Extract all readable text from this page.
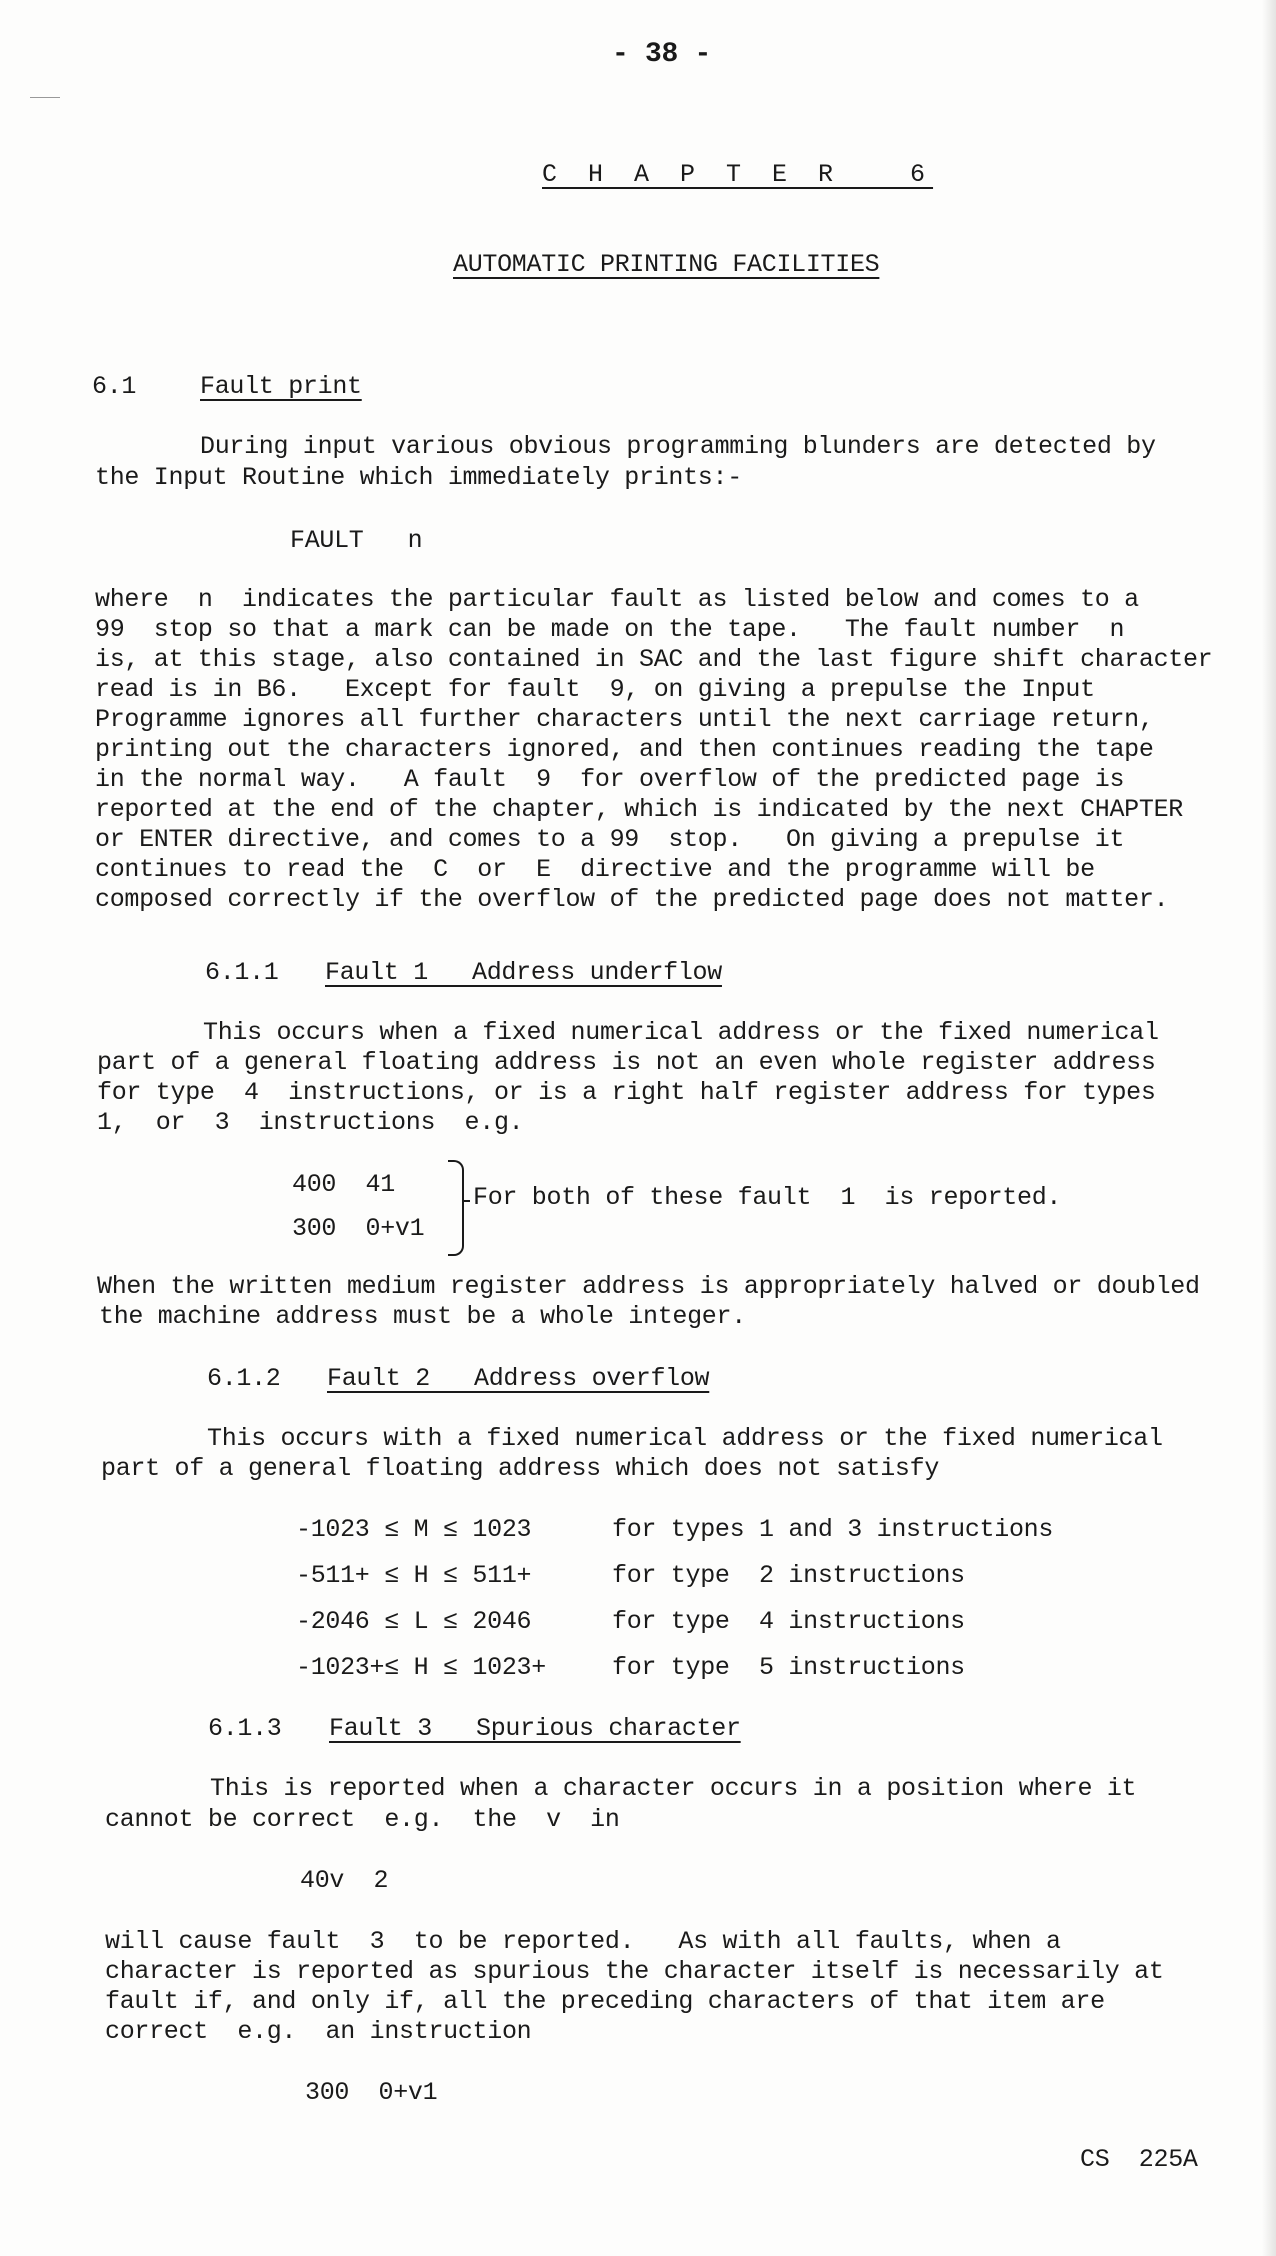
- 38 -
C H A P T E R   6
AUTOMATIC PRINTING FACILITIES
6.1	Fault print
During input various obvious programming blunders are detected by
the Input Routine which immediately prints:-
FAULT   n
where  n  indicates the particular fault as listed below and comes to a
99  stop so that a mark can be made on the tape.   The fault number  n
is, at this stage, also contained in SAC and the last figure shift character
read is in B6.   Except for fault  9, on giving a prepulse the Input
Programme ignores all further characters until the next carriage return,
printing out the characters ignored, and then continues reading the tape
in the normal way.   A fault  9  for overflow of the predicted page is
reported at the end of the chapter, which is indicated by the next CHAPTER
or ENTER directive, and comes to a 99  stop.   On giving a prepulse it
continues to read the  C  or  E  directive and the programme will be
composed correctly if the overflow of the predicted page does not matter.
6.1.1 Fault 1   Address underflow
This occurs when a fixed numerical address or the fixed numerical
part of a general floating address is not an even whole register address
for type  4  instructions, or is a right half register address for types
1,  or  3  instructions  e.g.
400  41
300  0+v1
For both of these fault  1  is reported.
When the written medium register address is appropriately halved or doubled
the machine address must be a whole integer.
6.1.2 Fault 2   Address overflow
This occurs with a fixed numerical address or the fixed numerical
part of a general floating address which does not satisfy
-1023 ≤ M ≤ 1023	for types 1 and 3 instructions
-511+ ≤ H ≤ 511+	for type  2 instructions
-2046 ≤ L ≤ 2046	for type  4 instructions
-1023+≤ H ≤ 1023+	for type  5 instructions
6.1.3 Fault 3   Spurious character
This is reported when a character occurs in a position where it
cannot be correct  e.g.  the  v  in
40v  2
will cause fault  3  to be reported.   As with all faults, when a
character is reported as spurious the character itself is necessarily at
fault if, and only if, all the preceding characters of that item are
correct  e.g.  an instruction
300  0+v1
CS  225A
